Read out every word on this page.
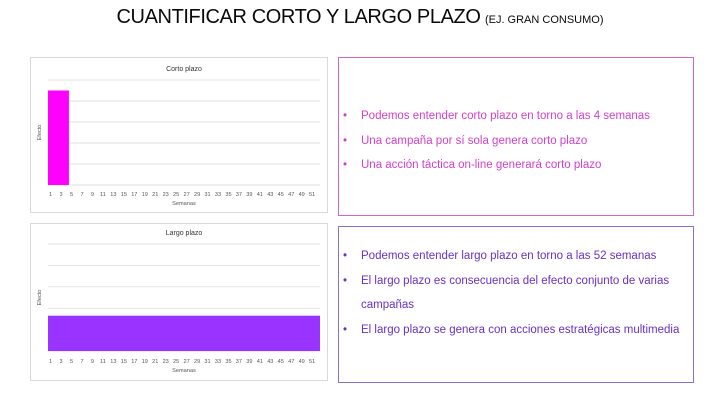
CUANTIFICAR CORTO Y LARGO PLAZO (EJ. GRAN CONSUMO)
Corto plazo
1 3 5 7 9 11 13 15 17 19 21 23 25 27 29 31 33 35 37 39 41 43 45 47 49 51
Semanas
Efecto
Largo plazo
1 3 5 7 9 11 13 15 17 19 21 23 25 27 29 31 33 35 37 39 41 43 45 47 49 51
Semanas
Efecto
• Podemos entender corto plazo en torno a las 4 semanas
• Una campaña por sí sola genera corto plazo
• Una acción táctica on-line generará corto plazo
• Podemos entender largo plazo en torno a las 52 semanas
• El largo plazo es consecuencia del efecto conjunto de varias campañas
• El largo plazo se genera con acciones estratégicas multimedia
